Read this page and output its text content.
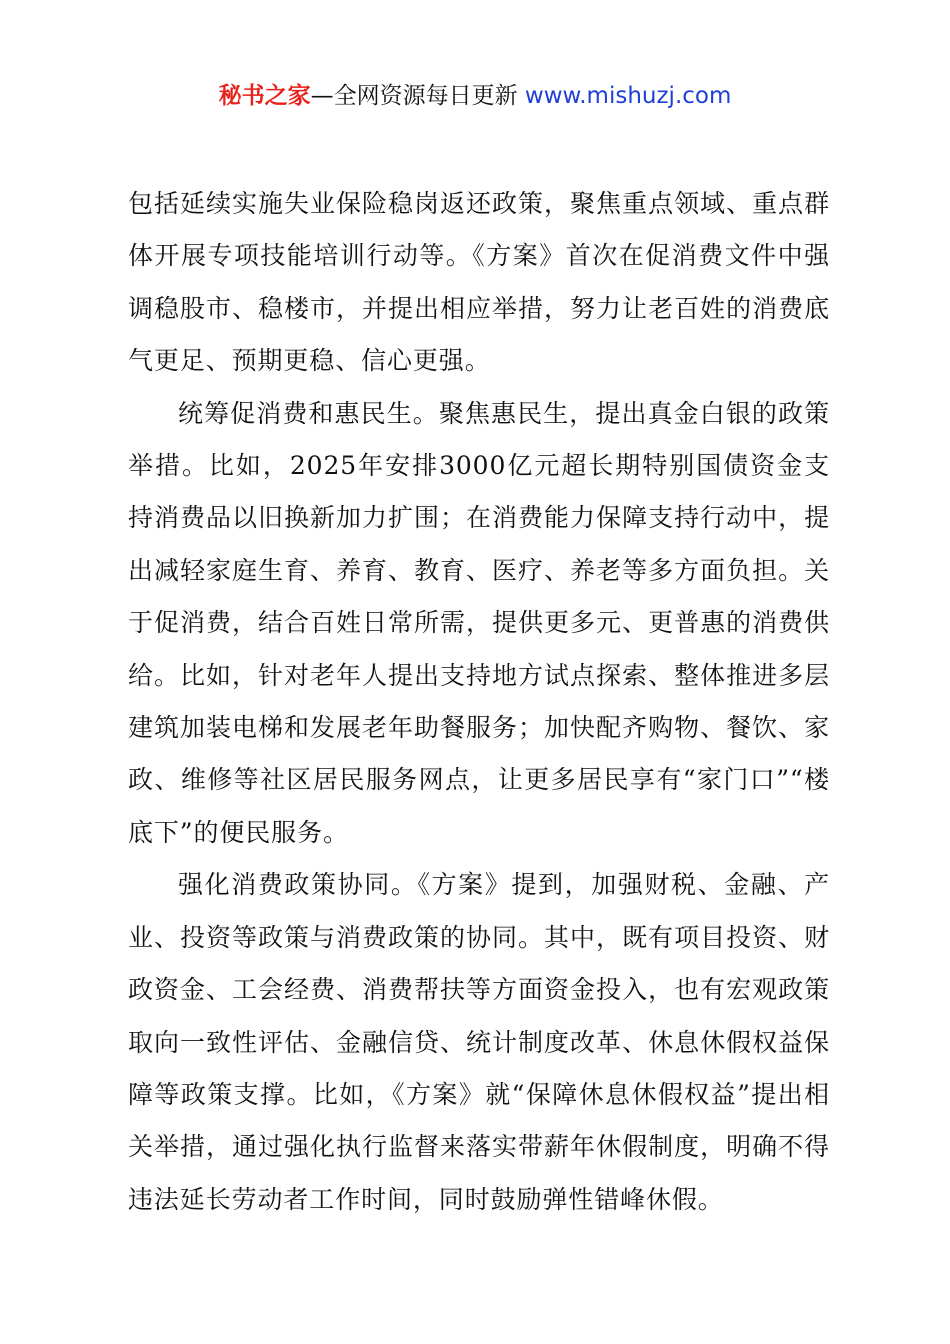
秘书之家—全网资源每日更新 www.mishuzj.com

包括延续实施失业保险稳岗返还政策，聚焦重点领域、重点群体开展专项技能培训行动等。《方案》首次在促消费文件中强调稳股市、稳楼市，并提出相应举措，努力让老百姓的消费底气更足、预期更稳、信心更强。

统筹促消费和惠民生。聚焦惠民生，提出真金白银的政策举措。比如，2025年安排3000亿元超长期特别国债资金支持消费品以旧换新加力扩围；在消费能力保障支持行动中，提出减轻家庭生育、养育、教育、医疗、养老等多方面负担。关于促消费，结合百姓日常所需，提供更多元、更普惠的消费供给。比如，针对老年人提出支持地方试点探索、整体推进多层建筑加装电梯和发展老年助餐服务；加快配齐购物、餐饮、家政、维修等社区居民服务网点，让更多居民享有“家门口”“楼底下”的便民服务。

强化消费政策协同。《方案》提到，加强财税、金融、产业、投资等政策与消费政策的协同。其中，既有项目投资、财政资金、工会经费、消费帮扶等方面资金投入，也有宏观政策取向一致性评估、金融信贷、统计制度改革、休息休假权益保障等政策支撑。比如，《方案》就“保障休息休假权益”提出相关举措，通过强化执行监督来落实带薪年休假制度，明确不得违法延长劳动者工作时间，同时鼓励弹性错峰休假。
